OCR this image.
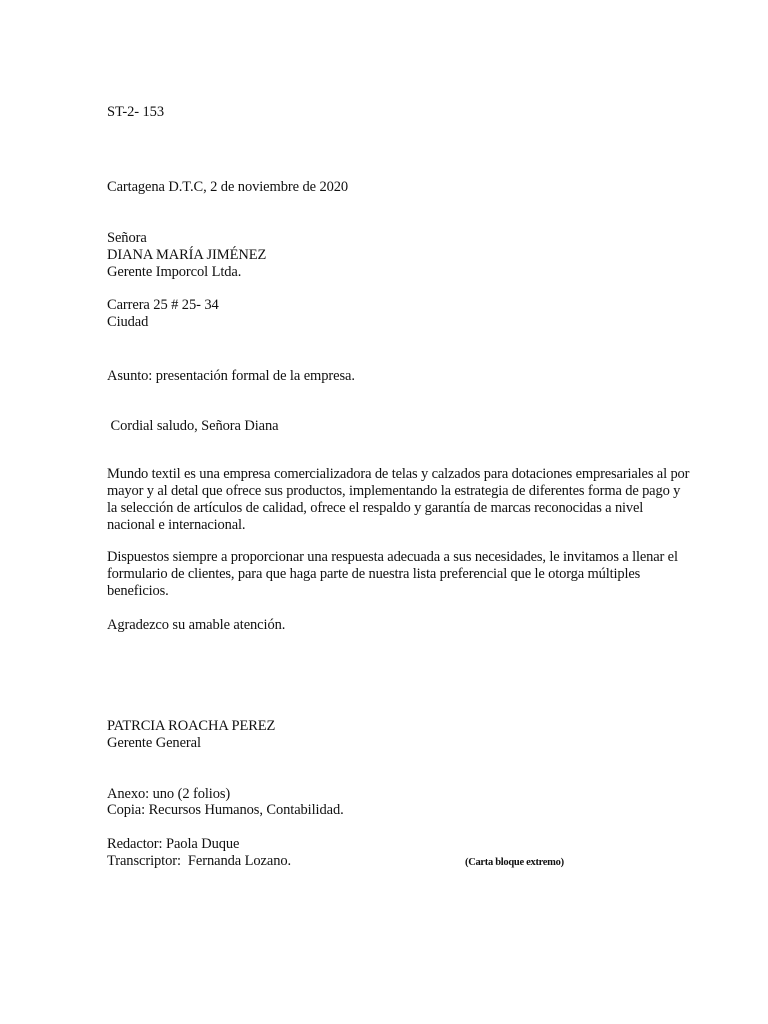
ST-2- 153
Cartagena D.T.C, 2 de noviembre de 2020
Señora
DIANA MARÍA JIMÉNEZ
Gerente Imporcol Ltda.
Carrera 25 # 25- 34
Ciudad
Asunto: presentación formal de la empresa.
Cordial saludo, Señora Diana
Mundo textil es una empresa comercializadora de telas y calzados para dotaciones empresariales al por mayor y al detal que ofrece sus productos, implementando la estrategia de diferentes forma de pago y la selección de artículos de calidad, ofrece el respaldo y garantía de marcas reconocidas a nivel nacional e internacional.
Dispuestos siempre a proporcionar una respuesta adecuada a sus necesidades, le invitamos a llenar el formulario de clientes, para que haga parte de nuestra lista preferencial que le otorga múltiples beneficios.
Agradezco su amable atención.
PATRCIA ROACHA PEREZ
Gerente General
Anexo: uno (2 folios)
Copia: Recursos Humanos, Contabilidad.
Redactor: Paola Duque
Transcriptor:  Fernanda Lozano.	(Carta bloque extremo)
